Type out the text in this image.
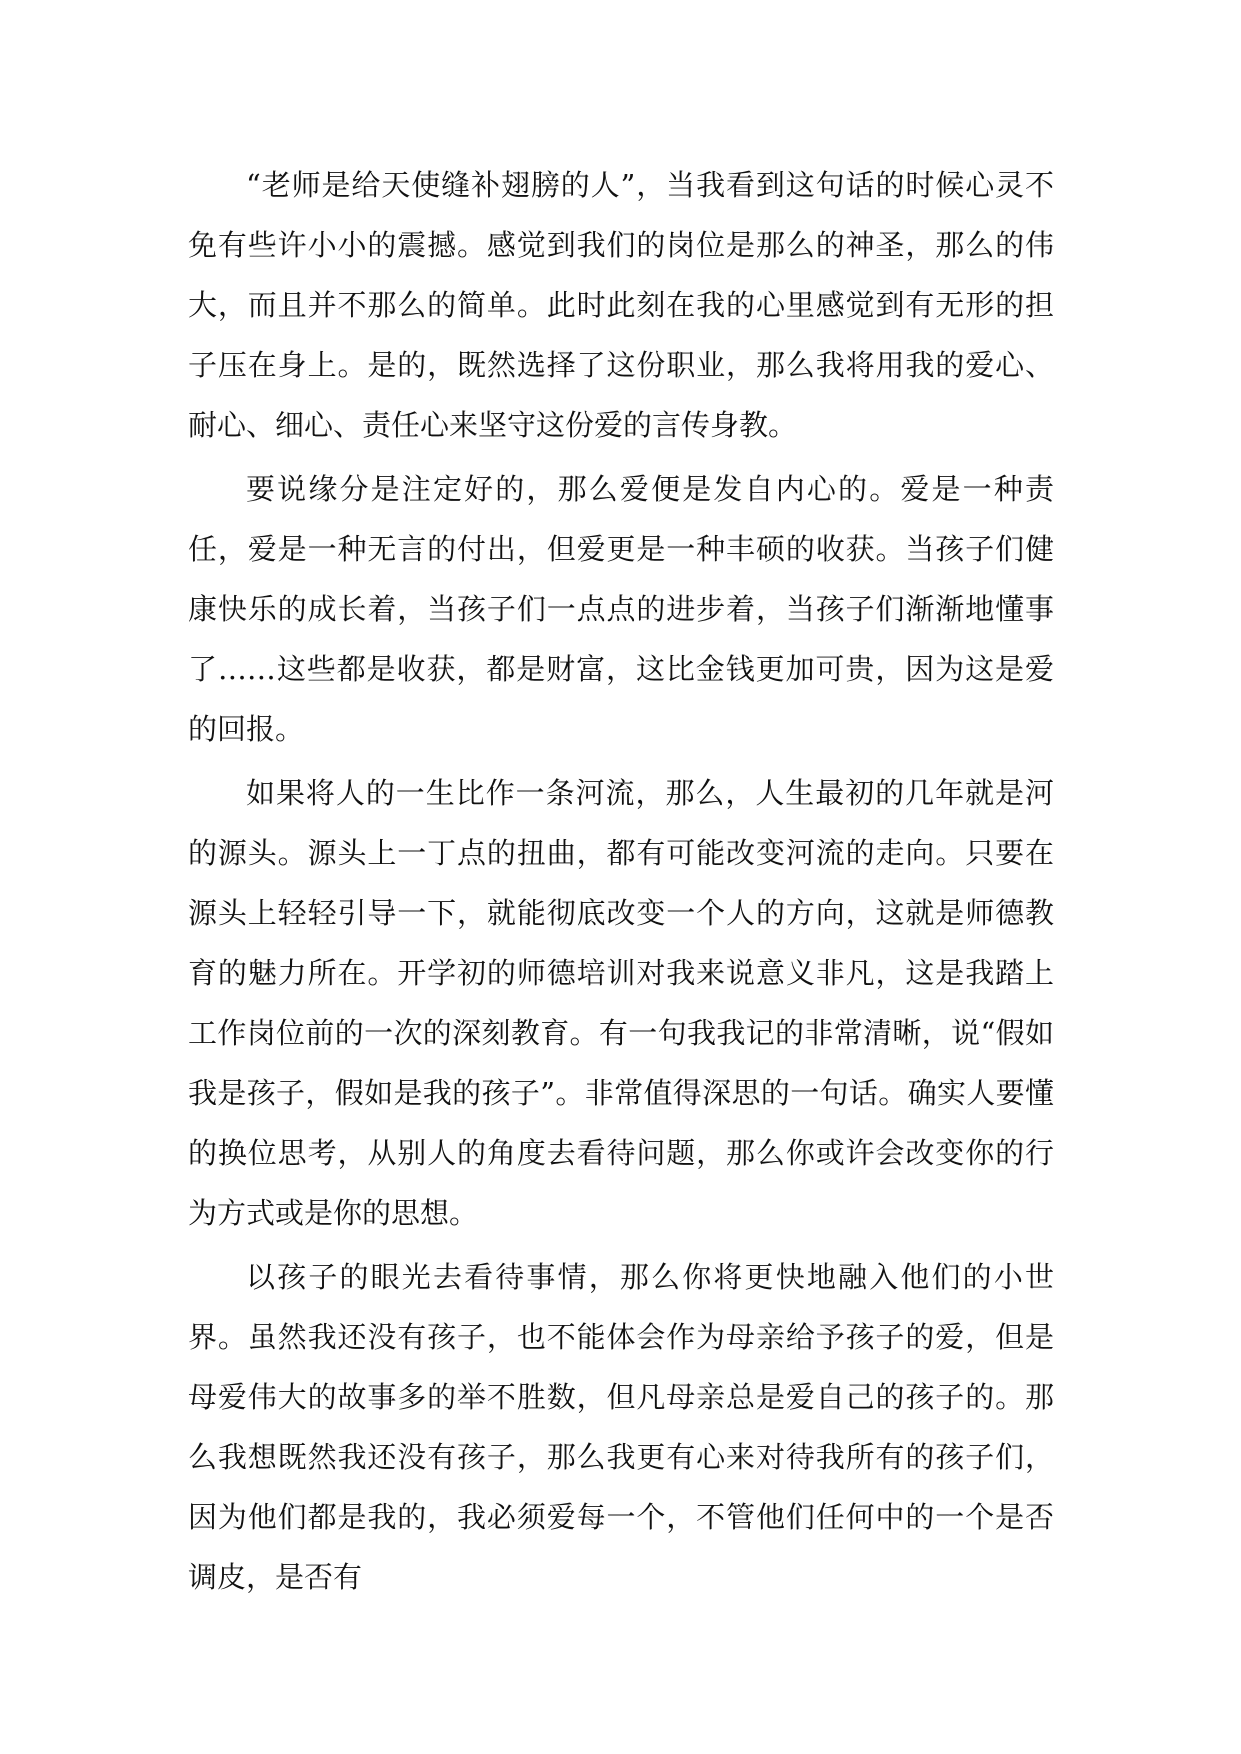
“老师是给天使缝补翅膀的人”，当我看到这句话的时候心灵不免有些许小小的震撼。感觉到我们的岗位是那么的神圣，那么的伟大，而且并不那么的简单。此时此刻在我的心里感觉到有无形的担子压在身上。是的，既然选择了这份职业，那么我将用我的爱心、耐心、细心、责任心来坚守这份爱的言传身教。

要说缘分是注定好的，那么爱便是发自内心的。爱是一种责任，爱是一种无言的付出，但爱更是一种丰硕的收获。当孩子们健康快乐的成长着，当孩子们一点点的进步着，当孩子们渐渐地懂事了……这些都是收获，都是财富，这比金钱更加可贵，因为这是爱的回报。

如果将人的一生比作一条河流，那么，人生最初的几年就是河的源头。源头上一丁点的扭曲，都有可能改变河流的走向。只要在源头上轻轻引导一下，就能彻底改变一个人的方向，这就是师德教育的魅力所在。开学初的师德培训对我来说意义非凡，这是我踏上工作岗位前的一次的深刻教育。有一句我我记的非常清晰，说“假如我是孩子，假如是我的孩子”。非常值得深思的一句话。确实人要懂的换位思考，从别人的角度去看待问题，那么你或许会改变你的行为方式或是你的思想。

以孩子的眼光去看待事情，那么你将更快地融入他们的小世界。虽然我还没有孩子，也不能体会作为母亲给予孩子的爱，但是母爱伟大的故事多的举不胜数，但凡母亲总是爱自己的孩子的。那么我想既然我还没有孩子，那么我更有心来对待我所有的孩子们，因为他们都是我的，我必须爱每一个，不管他们任何中的一个是否调皮，是否有
